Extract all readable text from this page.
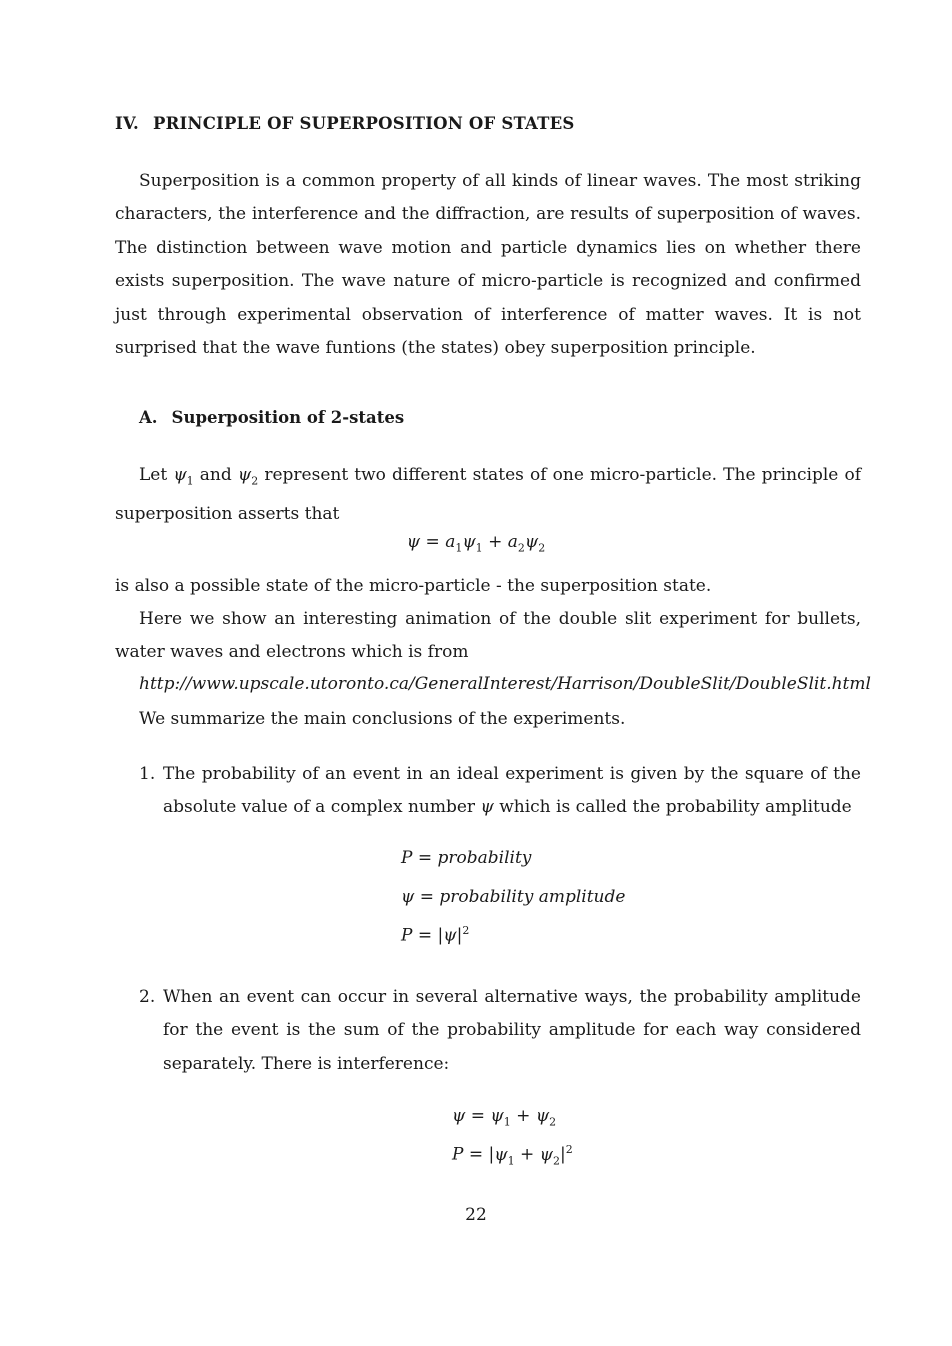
IV. PRINCIPLE OF SUPERPOSITION OF STATES
Superposition is a common property of all kinds of linear waves. The most striking characters, the interference and the diffraction, are results of superposition of waves. The distinction between wave motion and particle dynamics lies on whether there exists superposition. The wave nature of micro-particle is recognized and confirmed just through experimental observation of interference of matter waves. It is not surprised that the wave funtions (the states) obey superposition principle.
A. Superposition of 2-states
Let $\psi_1$ and $\psi_2$ represent two different states of one micro-particle. The principle of superposition asserts that
$\psi = a_1\psi_1 + a_2\psi_2$
is also a possible state of the micro-particle - the superposition state.
Here we show an interesting animation of the double slit experiment for bullets, water waves and electrons which is from
http://www.upscale.utoronto.ca/GeneralInterest/Harrison/DoubleSlit/DoubleSlit.html
We summarize the main conclusions of the experiments.
1. The probability of an event in an ideal experiment is given by the square of the absolute value of a complex number ψ which is called the probability amplitude
P = probability
ψ = probability amplitude
$P = |\psi|^2$
2. When an event can occur in several alternative ways, the probability amplitude for the event is the sum of the probability amplitude for each way considered separately. There is interference:
$\psi = \psi_1 + \psi_2$
$P = |\psi_1 + \psi_2|^2$
22
